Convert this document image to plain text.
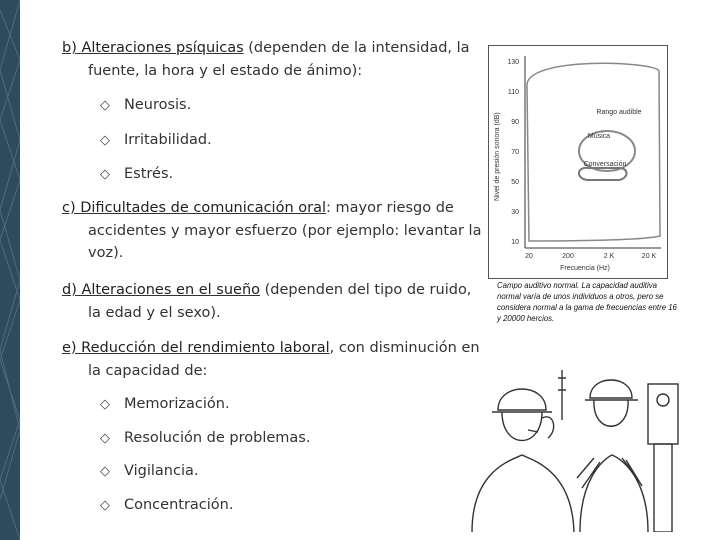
b) Alteraciones psíquicas (dependen de la intensidad, la fuente, la hora y el estado de ánimo):
◇ Neurosis.
◇ Irritabilidad.
◇ Estrés.
c) Dificultades de comunicación oral: mayor riesgo de accidentes y mayor esfuerzo (por ejemplo: levantar la voz).
d) Alteraciones en el sueño (dependen del tipo de ruido, la edad y el sexo).
e) Reducción del rendimiento laboral, con disminución en la capacidad de:
◇ Memorización.
◇ Resolución de problemas.
◇ Vigilancia.
◇ Concentración.
Nivel de presión sonora (dB)
130
110
90
70
50
30
10
20	200	2 K	20 K
Frecuencia (Hz)
Rango audible
Música
Conversación
Campo auditivo normal. La capacidad auditiva normal varía de unos individuos a otros, pero se considera normal a la gama de frecuencias entre 16 y 20000 hercios.
